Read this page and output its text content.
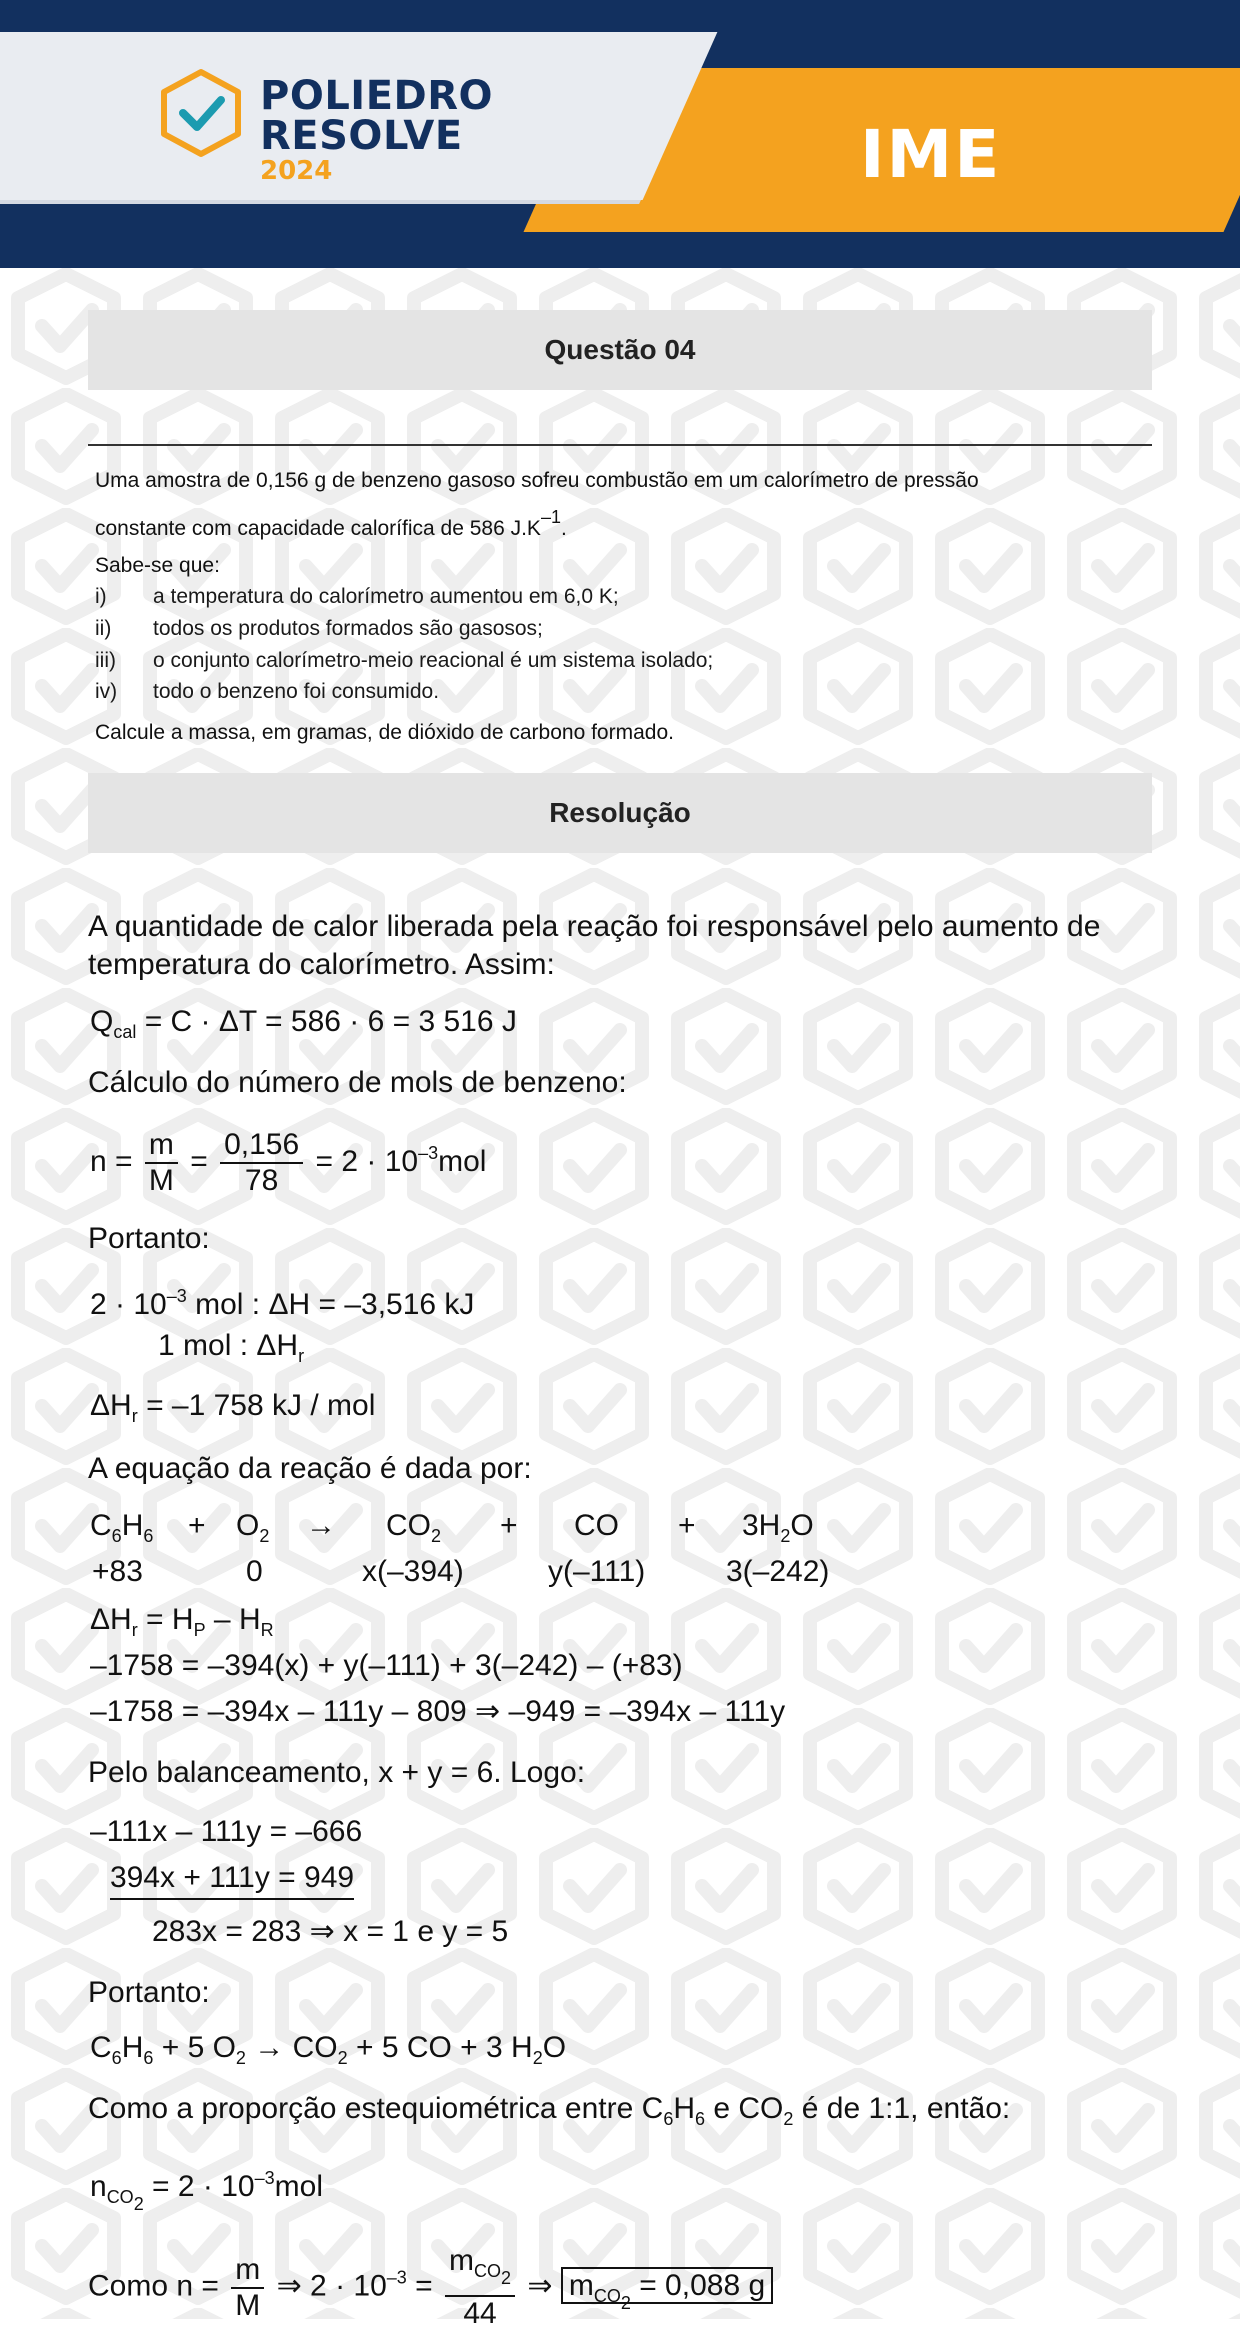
POLIEDRO
RESOLVE
2024	IME
Questão 04
Uma amostra de 0,156 g de benzeno gasoso sofreu combustão em um calorímetro de pressão
constante com capacidade calorífica de 586 $J.K^{-1}$.
Sabe-se que:
i) a temperatura do calorímetro aumentou em 6,0 K;
ii) todos os produtos formados são gasosos;
iii) o conjunto calorímetro-meio reacional é um sistema isolado;
iv) todo o benzeno foi consumido.
Calcule a massa, em gramas, de dióxido de carbono formado.
Resolução
A quantidade de calor liberada pela reação foi responsável pelo aumento de
temperatura do calorímetro. Assim:
$Q_{cal} = C \cdot \Delta T = 586 \cdot 6 = 3$ 516 J
Cálculo do número de mols de benzeno:
$n = \frac{m}{M} = \frac{0,156}{78} = 2 \cdot 10^{-3}mol$
Portanto:
$2 \cdot 10^{-3}$ mol : ΔH = –3,516 kJ
1 mol : $\Delta H_r$
$\Delta H_r = -1$ 758 kJ / mol
A equação da reação é dada por:
$C_6H_6 + O_2 \to CO_2$ + CO + $3H_2O$
+83	0	x(–394)	y(–111)	3(–242)
$\Delta H_r = H_P - H_R$
–1758 = –394(x) + y(–111) + 3(–242) – (+83)
–1758 = –394x – 111y – 809 ⇒ –949 = –394x – 111y
Pelo balanceamento, x + y = 6. Logo:
–111x – 111y = –666
394x + 111y = 949
283x = 283 ⇒ x = 1 e y = 5
Portanto:
$C_6H_6 + 5$ $O_2 \to CO_2 + 5$ CO + 3 $H_2O$
Como a proporção estequiométrica entre $C_6H_6$ e $CO_2$ é de 1:1, então:
$n_{CO_2} = 2 \cdot 10^{-3}mol$
Como $n = \frac{m}{M}$ ⇒ $2 \cdot 10^{-3} = \frac{m_{CO_2}}{44}$ ⇒ $m_{CO_2} = 0,088$ g
